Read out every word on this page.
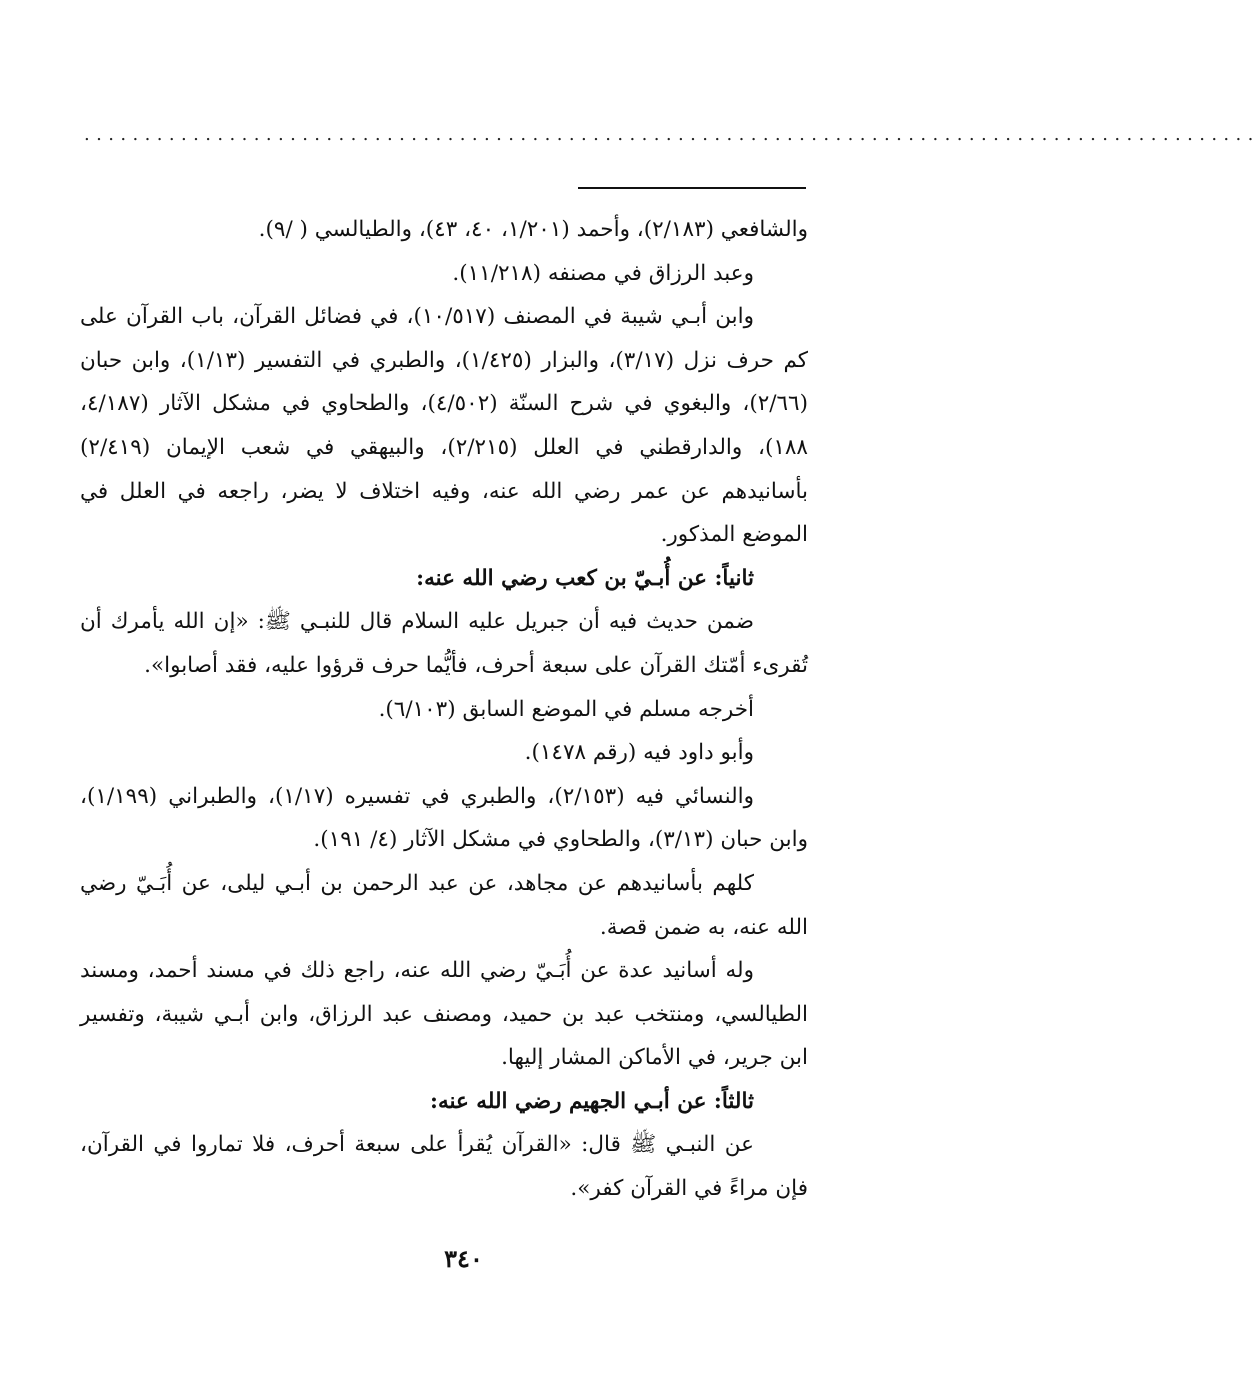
.................................................................................................

والشافعي (٢/١٨٣)، وأحمد (١/٢٠١، ٤٠، ٤٣)، والطيالسي ( /٩).

وعبد الرزاق في مصنفه (١١/٢١٨).

وابن أبـي شيبة في المصنف (١٠/٥١٧)، في فضائل القرآن، باب القرآن على كم حرف نزل (٣/١٧)، والبزار (١/٤٢٥)، والطبري في التفسير (١/١٣)، وابن حبان (٢/٦٦)، والبغوي في شرح السنّة (٤/٥٠٢)، والطحاوي في مشكل الآثار (٤/١٨٧، ١٨٨)، والدارقطني في العلل (٢/٢١٥)، والبيهقي في شعب الإيمان (٢/٤١٩) بأسانيدهم عن عمر رضي الله عنه، وفيه اختلاف لا يضر، راجعه في العلل في الموضع المذكور.

ثانياً: عن أُبـيّ بن كعب رضي الله عنه:

ضمن حديث فيه أن جبريل عليه السلام قال للنبـي ﷺ: «إن الله يأمرك أن تُقرىء أمّتك القرآن على سبعة أحرف، فأيُّما حرف قرؤوا عليه، فقد أصابوا».

أخرجه مسلم في الموضع السابق (٦/١٠٣).

وأبو داود فيه (رقم ١٤٧٨).

والنسائي فيه (٢/١٥٣)، والطبري في تفسيره (١/١٧)، والطبراني (١/١٩٩)، وابن حبان (٣/١٣)، والطحاوي في مشكل الآثار (٤/ ١٩١).

كلهم بأسانيدهم عن مجاهد، عن عبد الرحمن بن أبـي ليلى، عن أُبَـيّ رضي الله عنه، به ضمن قصة.

وله أسانيد عدة عن أُبَـيّ رضي الله عنه، راجع ذلك في مسند أحمد، ومسند الطيالسي، ومنتخب عبد بن حميد، ومصنف عبد الرزاق، وابن أبـي شيبة، وتفسير ابن جرير، في الأماكن المشار إليها.

ثالثاً: عن أبـي الجهيم رضي الله عنه:

عن النبـي ﷺ قال: «القرآن يُقرأ على سبعة أحرف، فلا تماروا في القرآن، فإن مراءً في القرآن كفر».

٣٤٠
